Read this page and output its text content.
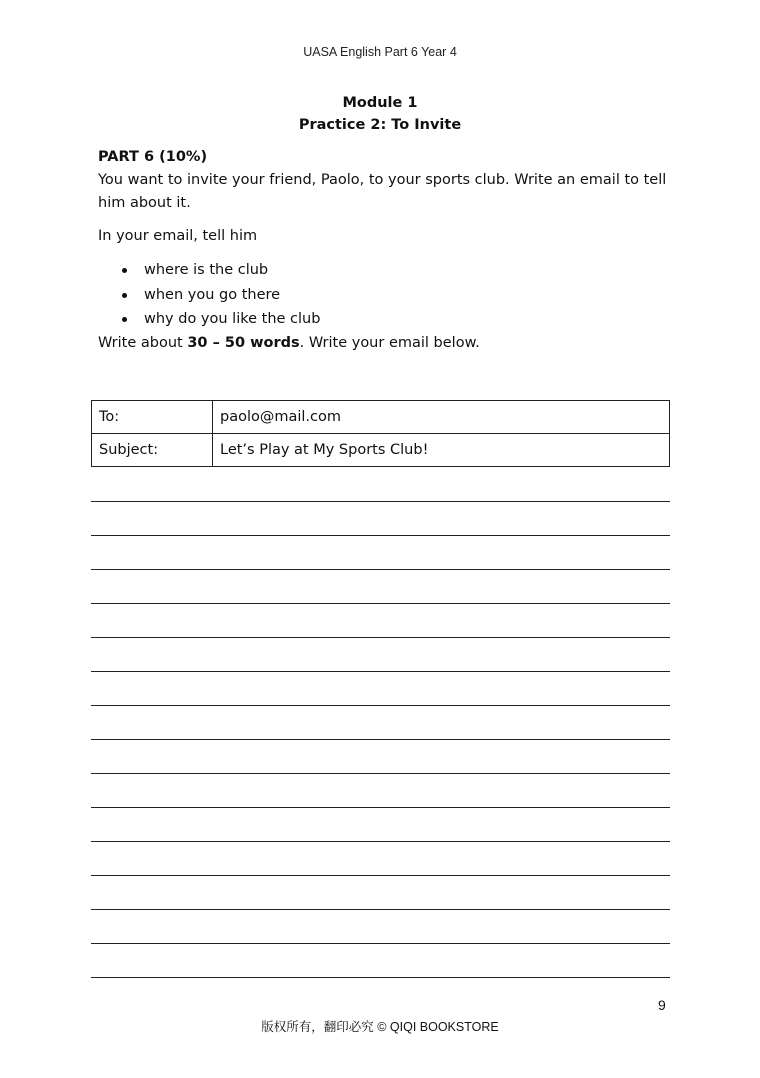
UASA English Part 6 Year 4
Module 1
Practice 2: To Invite

PART 6 (10%)

You want to invite your friend, Paolo, to your sports club. Write an email to tell him about it.

In your email, tell him

where is the club
when you go there
why do you like the club

Write about 30 – 50 words. Write your email below.

To:	paolo@mail.com
Subject:	Let’s Play at My Sports Club!
9
版权所有，翻印必究 © QIQI BOOKSTORE
